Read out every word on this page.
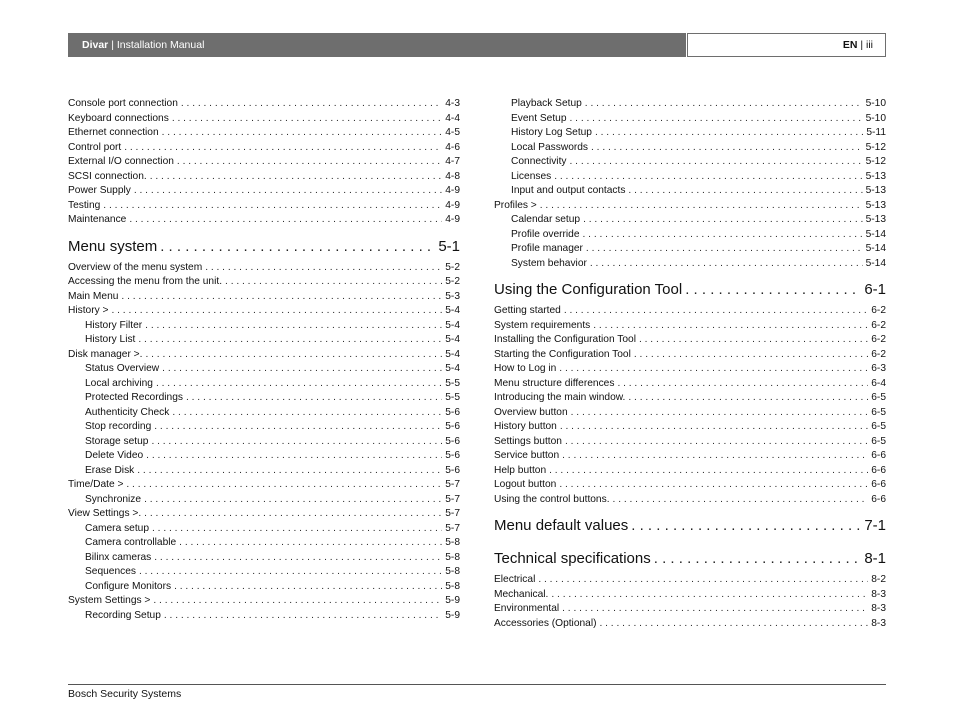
Divar | Installation Manual	EN | iii
Console port connection . . .	4-3
Keyboard connections . . .	4-4
Ethernet connection . . .	4-5
Control port . . .	4-6
External I/O connection . . .	4-7
SCSI connection. . . .	4-8
Power Supply . . .	4-9
Testing . . .	4-9
Maintenance . . .	4-9
Menu system . . .	5-1
Overview of the menu system . . .	5-2
Accessing the menu from the unit. . . .	5-2
Main Menu . . .	5-3
History > . . .	5-4
History Filter . . .	5-4
History List . . .	5-4
Disk manager >. . . .	5-4
Status Overview . . .	5-4
Local archiving . . .	5-5
Protected Recordings . . .	5-5
Authenticity Check . . .	5-6
Stop recording . . .	5-6
Storage setup . . .	5-6
Delete Video . . .	5-6
Erase Disk . . .	5-6
Time/Date > . . .	5-7
Synchronize . . .	5-7
View Settings >. . . .	5-7
Camera setup . . .	5-7
Camera controllable . . .	5-8
Bilinx cameras . . .	5-8
Sequences . . .	5-8
Configure Monitors . . .	5-8
System Settings > . . .	5-9
Recording Setup . . .	5-9
Playback Setup . . .	5-10
Event Setup . . .	5-10
History Log Setup . . .	5-11
Local Passwords . . .	5-12
Connectivity . . .	5-12
Licenses . . .	5-13
Input and output contacts . . .	5-13
Profiles > . . .	5-13
Calendar setup . . .	5-13
Profile override . . .	5-14
Profile manager . . .	5-14
System behavior . . .	5-14
Using the Configuration Tool . . .	6-1
Getting started . . .	6-2
System requirements . . .	6-2
Installing the Configuration Tool . . .	6-2
Starting the Configuration Tool . . .	6-2
How to Log in . . .	6-3
Menu structure differences . . .	6-4
Introducing the main window. . . .	6-5
Overview button . . .	6-5
History button . . .	6-5
Settings button . . .	6-5
Service button . . .	6-6
Help button . . .	6-6
Logout button . . .	6-6
Using the control buttons. . . .	6-6
Menu default values . . .	7-1
Technical specifications . . .	8-1
Electrical . . .	8-2
Mechanical. . . .	8-3
Environmental . . .	8-3
Accessories (Optional) . . .	8-3
Bosch Security Systems
